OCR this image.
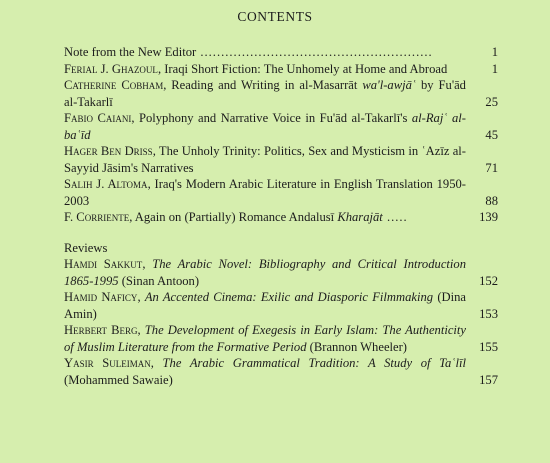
CONTENTS
Note from the New Editor ........................................................	1
Ferial J. Ghazoul, Iraqi Short Fiction: The Unhomely at Home and Abroad	1
Catherine Cobham, Reading and Writing in al-Masarrāt wa'l-awjāʿ by Fu'ād al-Takarlī	25
Fabio Caiani, Polyphony and Narrative Voice in Fu'ād al-Takarlī's al-Rajʿ al-baʿīd	45
Hager Ben Driss, The Unholy Trinity: Politics, Sex and Mysticism in ʿAzīz al-Sayyid Jāsim's Narratives	71
Salih J. Altoma, Iraq's Modern Arabic Literature in English Translation 1950-2003	88
F. Corriente, Again on (Partially) Romance Andalusī Kharajāt .....	139
Reviews
Hamdi Sakkut, The Arabic Novel: Bibliography and Critical Introduction 1865-1995 (Sinan Antoon)	152
Hamid Naficy, An Accented Cinema: Exilic and Diasporic Filmmaking (Dina Amin)	153
Herbert Berg, The Development of Exegesis in Early Islam: The Authenticity of Muslim Literature from the Formative Period (Brannon Wheeler)	155
Yasir Suleiman, The Arabic Grammatical Tradition: A Study of Taʿlīl (Mohammed Sawaie)	157
